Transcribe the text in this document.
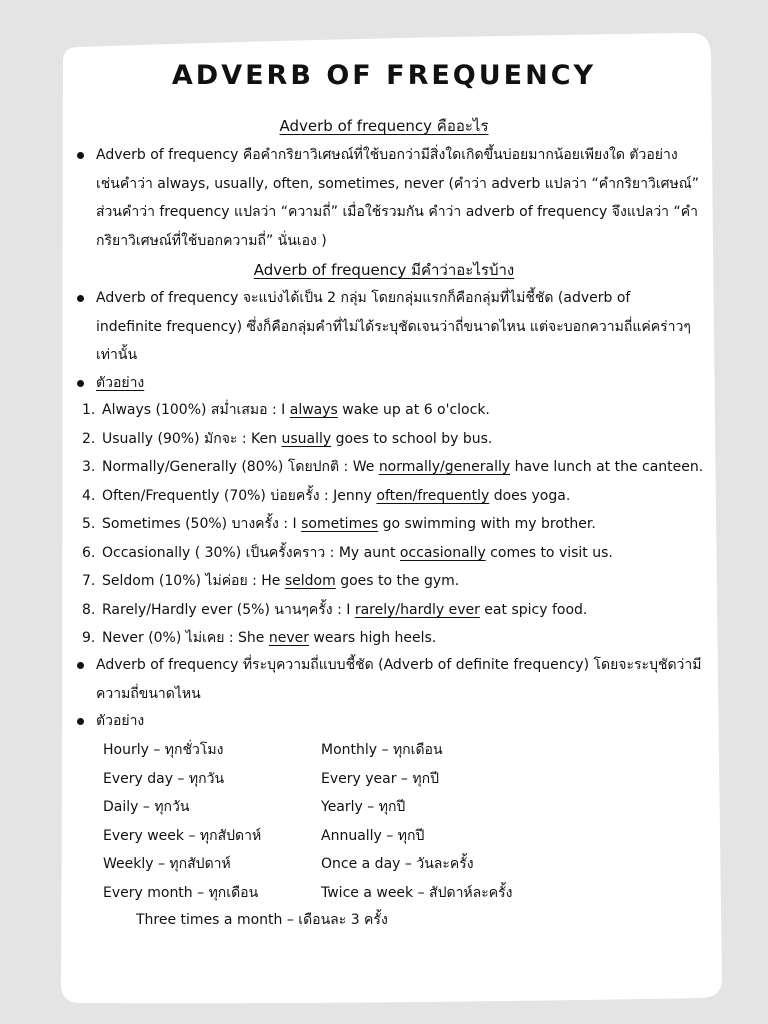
ADVERB OF FREQUENCY
Adverb of frequency คืออะไร
Adverb of frequency คือคำกริยาวิเศษณ์ที่ใช้บอกว่ามีสิ่งใดเกิดขึ้นบ่อยมากน้อยเพียงใด ตัวอย่าง
เช่นคำว่า always, usually, often, sometimes, never (คำว่า adverb แปลว่า “คำกริยาวิเศษณ์”
ส่วนคำว่า frequency แปลว่า “ความถี่” เมื่อใช้รวมกัน คำว่า adverb of frequency จึงแปลว่า “คำ
กริยาวิเศษณ์ที่ใช้บอกความถี่” นั่นเอง )
Adverb of frequency มีคำว่าอะไรบ้าง
Adverb of frequency จะแบ่งได้เป็น 2 กลุ่ม โดยกลุ่มแรกก็คือกลุ่มที่ไม่ชี้ชัด (adverb of
indefinite frequency) ซึ่งก็คือกลุ่มคำที่ไม่ได้ระบุชัดเจนว่าถี่ขนาดไหน แต่จะบอกความถี่แค่คร่าวๆ
เท่านั้น
ตัวอย่าง
1. Always (100%) สม่ำเสมอ : I always wake up at 6 o'clock.
2. Usually (90%) มักจะ : Ken usually goes to school by bus.
3. Normally/Generally (80%) โดยปกติ : We normally/generally have lunch at the canteen.
4. Often/Frequently (70%) บ่อยครั้ง : Jenny often/frequently does yoga.
5. Sometimes (50%) บางครั้ง : I sometimes go swimming with my brother.
6. Occasionally ( 30%) เป็นครั้งคราว : My aunt occasionally comes to visit us.
7. Seldom (10%) ไม่ค่อย : He seldom goes to the gym.
8. Rarely/Hardly ever (5%) นานๆครั้ง : I rarely/hardly ever eat spicy food.
9. Never (0%) ไม่เคย : She never wears high heels.
Adverb of frequency ที่ระบุความถี่แบบชี้ชัด (Adverb of definite frequency) โดยจะระบุชัดว่ามี
ความถี่ขนาดไหน
ตัวอย่าง
Hourly – ทุกชั่วโมง
Every day – ทุกวัน
Daily – ทุกวัน
Every week – ทุกสัปดาห์
Weekly – ทุกสัปดาห์
Every month – ทุกเดือน
Monthly – ทุกเดือน
Every year – ทุกปี
Yearly – ทุกปี
Annually – ทุกปี
Once a day – วันละครั้ง
Twice a week – สัปดาห์ละครั้ง
Three times a month – เดือนละ 3 ครั้ง
